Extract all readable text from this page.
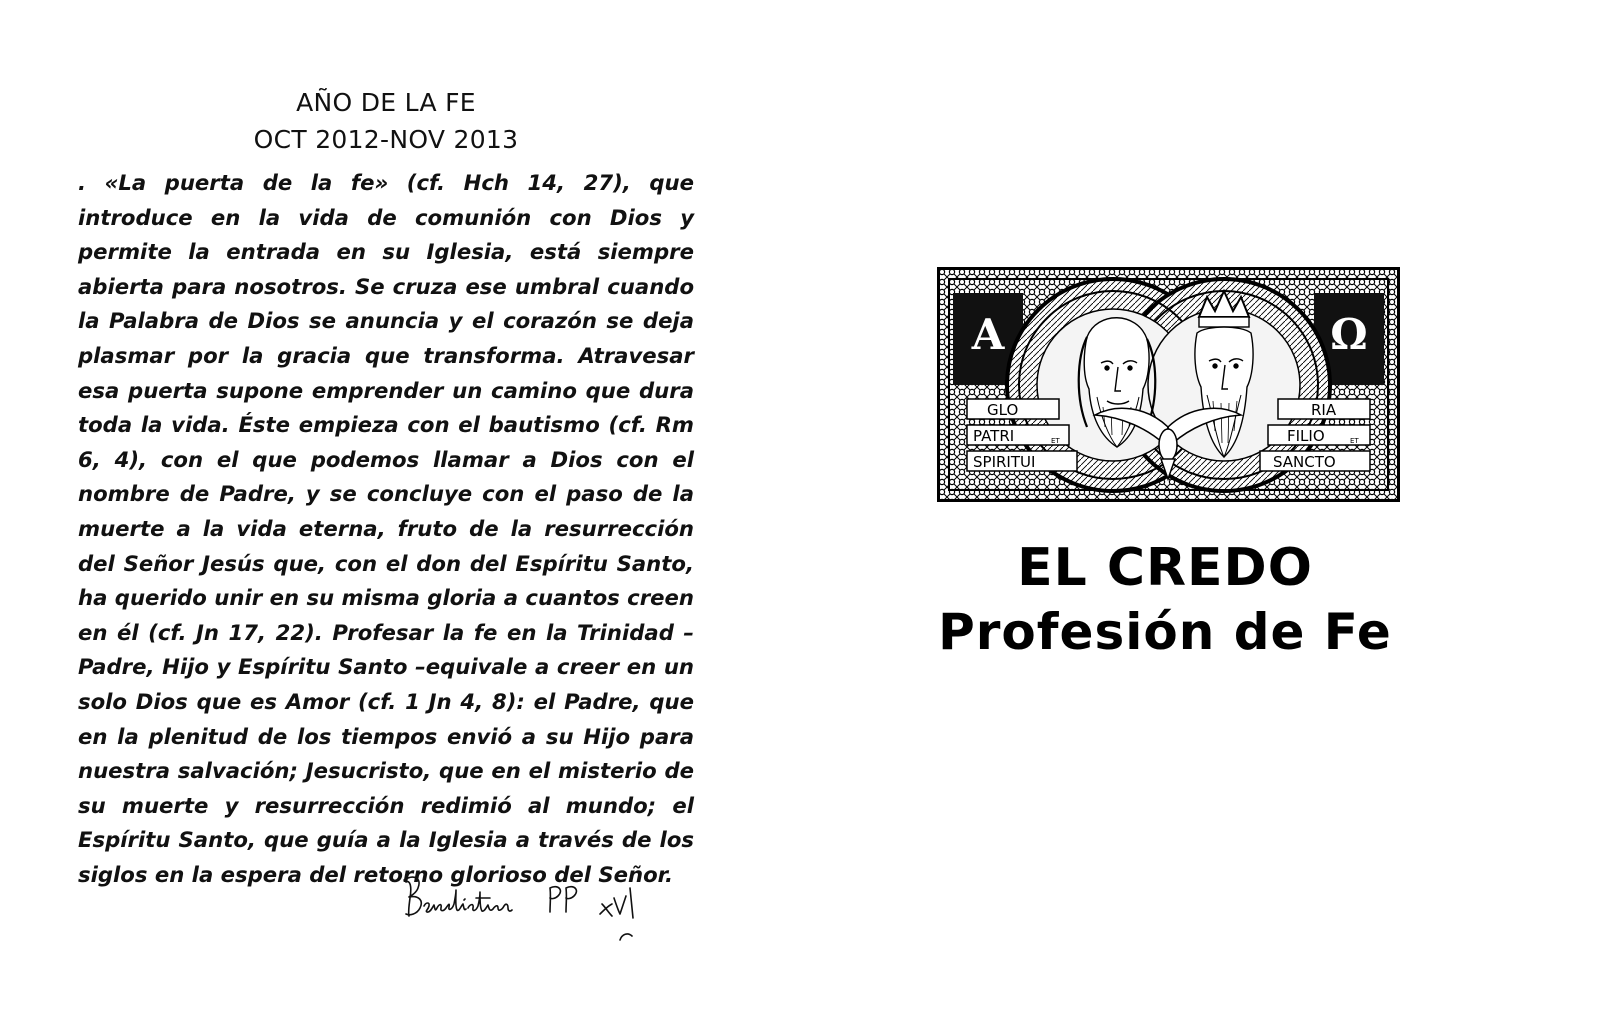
AÑO DE LA FE
OCT 2012-NOV 2013

. «La puerta de la fe» (cf. Hch 14, 27), que introduce en la vida de comunión con Dios y permite la entrada en su Iglesia, está siempre abierta para nosotros. Se cruza ese umbral cuando la Palabra de Dios se anuncia y el corazón se deja plasmar por la gracia que transforma. Atravesar esa puerta supone emprender un camino que dura toda la vida. Éste empieza con el bautismo (cf. Rm 6, 4), con el que podemos llamar a Dios con el nombre de Padre, y se concluye con el paso de la muerte a la vida eterna, fruto de la resurrección del Señor Jesús que, con el don del Espíritu Santo, ha querido unir en su misma gloria a cuantos creen en él (cf. Jn 17, 22). Profesar la fe en la Trinidad –Padre, Hijo y Espíritu Santo –equivale a creer en un solo Dios que es Amor (cf. 1 Jn 4, 8): el Padre, que en la plenitud de los tiempos envió a su Hijo para nuestra salvación; Jesucristo, que en el misterio de su muerte y resurrección redimió al mundo; el Espíritu Santo, que guía a la Iglesia a través de los siglos en la espera del retorno glorioso del Señor.

A	Ω
GLO
PATRI	ET
SPIRITUI
RIA
FILIO	ET
SANCTO
EL CREDO
Profesión de Fe
